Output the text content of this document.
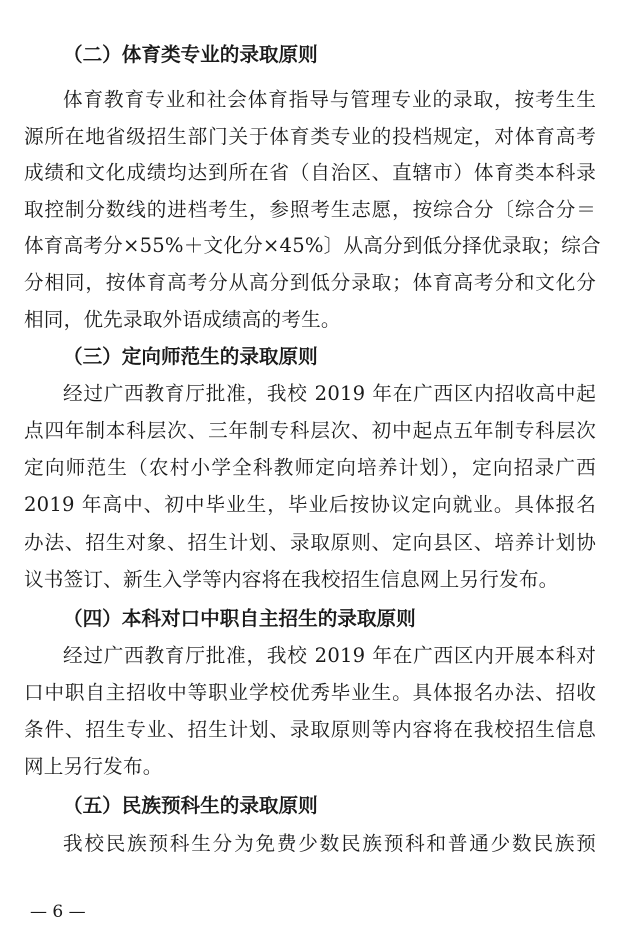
（二）体育类专业的录取原则
体育教育专业和社会体育指导与管理专业的录取，按考生生
源所在地省级招生部门关于体育类专业的投档规定，对体育高考
成绩和文化成绩均达到所在省（自治区、直辖市）体育类本科录
取控制分数线的进档考生，参照考生志愿，按综合分〔综合分＝
体育高考分×55%＋文化分×45%〕从高分到低分择优录取；综合
分相同，按体育高考分从高分到低分录取；体育高考分和文化分
相同，优先录取外语成绩高的考生。
（三）定向师范生的录取原则
经过广西教育厅批准，我校 2019 年在广西区内招收高中起
点四年制本科层次、三年制专科层次、初中起点五年制专科层次
定向师范生（农村小学全科教师定向培养计划），定向招录广西
2019 年高中、初中毕业生，毕业后按协议定向就业。具体报名
办法、招生对象、招生计划、录取原则、定向县区、培养计划协
议书签订、新生入学等内容将在我校招生信息网上另行发布。
（四）本科对口中职自主招生的录取原则
经过广西教育厅批准，我校 2019 年在广西区内开展本科对
口中职自主招收中等职业学校优秀毕业生。具体报名办法、招收
条件、招生专业、招生计划、录取原则等内容将在我校招生信息
网上另行发布。
（五）民族预科生的录取原则
我校民族预科生分为免费少数民族预科和普通少数民族预
— 6 —
